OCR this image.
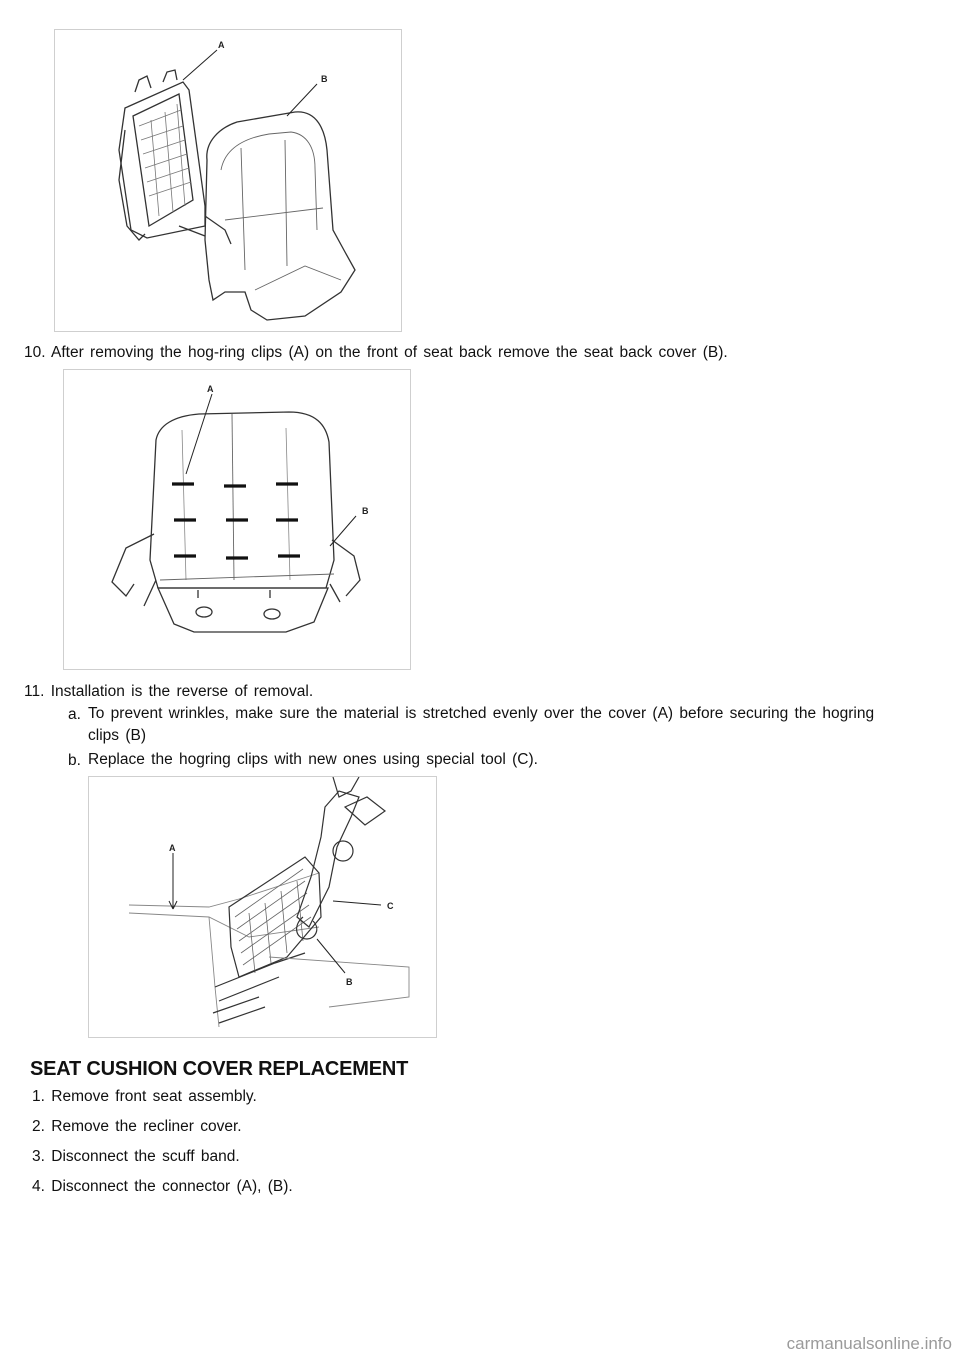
A
B
10. After removing the hog-ring clips (A) on the front of seat back remove the seat back cover (B).
A
B
11. Installation is the reverse of removal.
a. To prevent wrinkles, make sure the material is stretched evenly over the cover (A) before securing the hogring clips (B)
b. Replace the hogring clips with new ones using special tool (C).
A
C
B
SEAT CUSHION COVER REPLACEMENT
1. Remove front seat assembly.
2. Remove the recliner cover.
3. Disconnect the scuff band.
4. Disconnect the connector (A), (B).
carmanualsonline.info
